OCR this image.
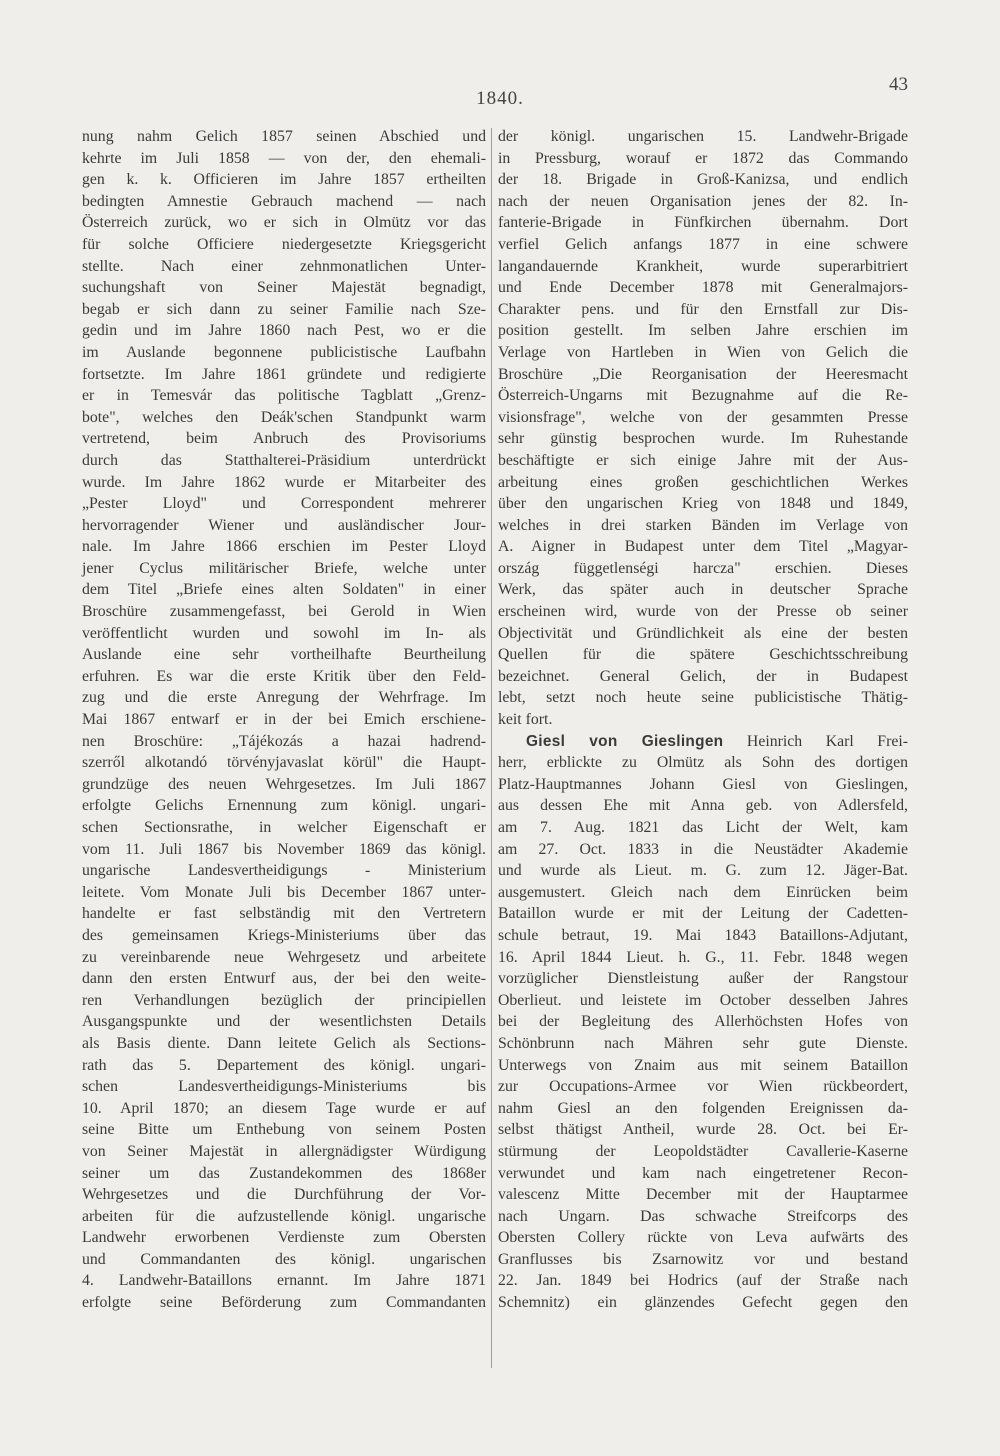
1840.
43
nung nahm Gelich 1857 seinen Abschied und
kehrte im Juli 1858 — von der, den ehemali-
gen k. k. Officieren im Jahre 1857 ertheilten
bedingten Amnestie Gebrauch machend — nach
Österreich zurück, wo er sich in Olmütz vor das
für solche Officiere niedergesetzte Kriegsgericht
stellte. Nach einer zehnmonatlichen Unter-
suchungshaft von Seiner Majestät begnadigt,
begab er sich dann zu seiner Familie nach Sze-
gedin und im Jahre 1860 nach Pest, wo er die
im Auslande begonnene publicistische Laufbahn
fortsetzte. Im Jahre 1861 gründete und redigierte
er in Temesvár das politische Tagblatt „Grenz-
bote", welches den Deák'schen Standpunkt warm
vertretend, beim Anbruch des Provisoriums
durch das Statthalterei-Präsidium unterdrückt
wurde. Im Jahre 1862 wurde er Mitarbeiter des
„Pester Lloyd" und Correspondent mehrerer
hervorragender Wiener und ausländischer Jour-
nale. Im Jahre 1866 erschien im Pester Lloyd
jener Cyclus militärischer Briefe, welche unter
dem Titel „Briefe eines alten Soldaten" in einer
Broschüre zusammengefasst, bei Gerold in Wien
veröffentlicht wurden und sowohl im In- als
Auslande eine sehr vortheilhafte Beurtheilung
erfuhren. Es war die erste Kritik über den Feld-
zug und die erste Anregung der Wehrfrage. Im
Mai 1867 entwarf er in der bei Emich erschiene-
nen Broschüre: „Tájékozás a hazai hadrend-
szerről alkotandó törvényjavaslat körül" die Haupt-
grundzüge des neuen Wehrgesetzes. Im Juli 1867
erfolgte Gelichs Ernennung zum königl. ungari-
schen Sectionsrathe, in welcher Eigenschaft er
vom 11. Juli 1867 bis November 1869 das königl.
ungarische Landesvertheidigungs - Ministerium
leitete. Vom Monate Juli bis December 1867 unter-
handelte er fast selbständig mit den Vertretern
des gemeinsamen Kriegs-Ministeriums über das
zu vereinbarende neue Wehrgesetz und arbeitete
dann den ersten Entwurf aus, der bei den weite-
ren Verhandlungen bezüglich der principiellen
Ausgangspunkte und der wesentlichsten Details
als Basis diente. Dann leitete Gelich als Sections-
rath das 5. Departement des königl. ungari-
schen Landesvertheidigungs-Ministeriums bis
10. April 1870; an diesem Tage wurde er auf
seine Bitte um Enthebung von seinem Posten
von Seiner Majestät in allergnädigster Würdigung
seiner um das Zustandekommen des 1868er
Wehrgesetzes und die Durchführung der Vor-
arbeiten für die aufzustellende königl. ungarische
Landwehr erworbenen Verdienste zum Obersten
und Commandanten des königl. ungarischen
4. Landwehr-Bataillons ernannt. Im Jahre 1871
erfolgte seine Beförderung zum Commandanten
der königl. ungarischen 15. Landwehr-Brigade
in Pressburg, worauf er 1872 das Commando
der 18. Brigade in Groß-Kanizsa, und endlich
nach der neuen Organisation jenes der 82. In-
fanterie-Brigade in Fünfkirchen übernahm. Dort
verfiel Gelich anfangs 1877 in eine schwere
langandauernde Krankheit, wurde superarbitriert
und Ende December 1878 mit Generalmajors-
Charakter pens. und für den Ernstfall zur Dis-
position gestellt. Im selben Jahre erschien im
Verlage von Hartleben in Wien von Gelich die
Broschüre „Die Reorganisation der Heeresmacht
Österreich-Ungarns mit Bezugnahme auf die Re-
visionsfrage", welche von der gesammten Presse
sehr günstig besprochen wurde. Im Ruhestande
beschäftigte er sich einige Jahre mit der Aus-
arbeitung eines großen geschichtlichen Werkes
über den ungarischen Krieg von 1848 und 1849,
welches in drei starken Bänden im Verlage von
A. Aigner in Budapest unter dem Titel „Magyar-
ország függetlenségi harcza" erschien. Dieses
Werk, das später auch in deutscher Sprache
erscheinen wird, wurde von der Presse ob seiner
Objectivität und Gründlichkeit als eine der besten
Quellen für die spätere Geschichtsschreibung
bezeichnet. General Gelich, der in Budapest
lebt, setzt noch heute seine publicistische Thätig-
keit fort.
Giesl von Gieslingen Heinrich Karl Frei-
herr, erblickte zu Olmütz als Sohn des dortigen
Platz-Hauptmannes Johann Giesl von Gieslingen,
aus dessen Ehe mit Anna geb. von Adlersfeld,
am 7. Aug. 1821 das Licht der Welt, kam
am 27. Oct. 1833 in die Neustädter Akademie
und wurde als Lieut. m. G. zum 12. Jäger-Bat.
ausgemustert. Gleich nach dem Einrücken beim
Bataillon wurde er mit der Leitung der Cadetten-
schule betraut, 19. Mai 1843 Bataillons-Adjutant,
16. April 1844 Lieut. h. G., 11. Febr. 1848 wegen
vorzüglicher Dienstleistung außer der Rangstour
Oberlieut. und leistete im October desselben Jahres
bei der Begleitung des Allerhöchsten Hofes von
Schönbrunn nach Mähren sehr gute Dienste.
Unterwegs von Znaim aus mit seinem Bataillon
zur Occupations-Armee vor Wien rückbeordert,
nahm Giesl an den folgenden Ereignissen da-
selbst thätigst Antheil, wurde 28. Oct. bei Er-
stürmung der Leopoldstädter Cavallerie-Kaserne
verwundet und kam nach eingetretener Recon-
valescenz Mitte December mit der Hauptarmee
nach Ungarn. Das schwache Streifcorps des
Obersten Collery rückte von Leva aufwärts des
Granflusses bis Zsarnowitz vor und bestand
22. Jan. 1849 bei Hodrics (auf der Straße nach
Schemnitz) ein glänzendes Gefecht gegen den
